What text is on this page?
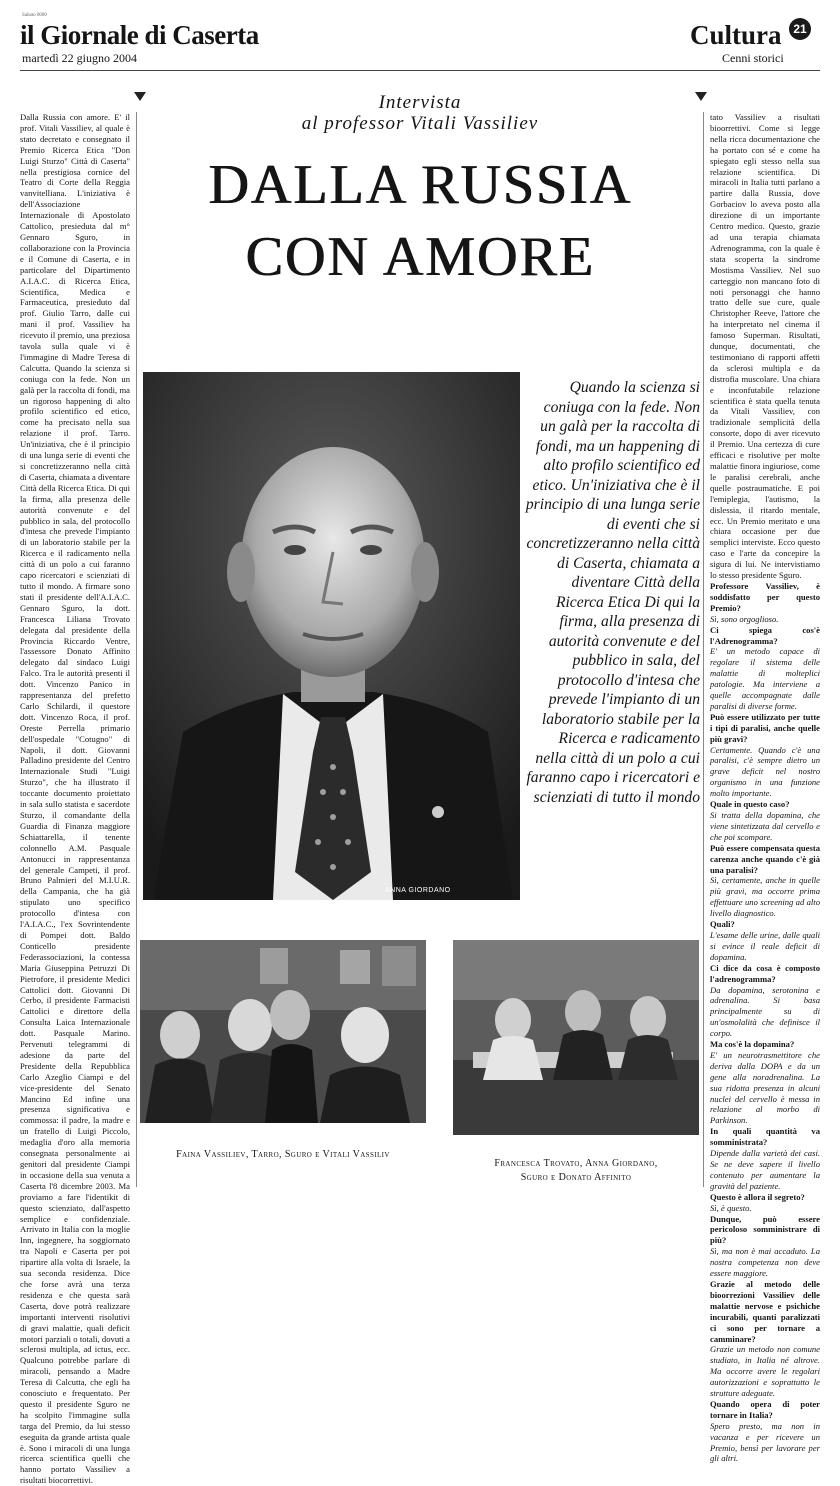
Sabato 0000
il Giornale di Caserta
martedì 22 giugno 2004
Cultura 21
Cenni storici
Dalla Russia con amore. E' il prof. Vitali Vassiliev, al quale è stato decretato e consegnato il Premio Ricerca Etica "Don Luigi Sturzo" Città di Caserta" nella prestigiosa cornice del Teatro di Corte della Reggia vanvitelliana. L'iniziativa è dell'Associazione Internazionale di Apostolato Cattolico, presieduta dal m° Gennaro Sguro, in collaborazione con la Provincia e il Comune di Caserta, e in particolare del Dipartimento A.I.A.C. di Ricerca Etica, Scientifica, Medica e Farmaceutica, presieduto dal prof. Giulio Tarro, dalle cui mani il prof. Vassiliev ha ricevuto il premio, una preziosa tavola sulla quale vi è l'immagine di Madre Teresa di Calcutta. Quando la scienza si coniuga con la fede. Non un galà per la raccolta di fondi, ma un rigoroso happening di alto profilo scientifico ed etico, come ha precisato nella sua relazione il prof. Tarro. Un'iniziativa, che è il principio di una lunga serie di eventi che si concretizzeranno nella città di Caserta, chiamata a diventare Città della Ricerca Etica. Di qui la firma, alla presenza delle autorità convenute e del pubblico in sala, del protocollo d'intesa che prevede l'impianto di un laboratorio stabile per la Ricerca e il radicamento nella città di un polo a cui faranno capo ricercatori e scienziati di tutto il mondo. A firmare sono stati il presidente dell'A.I.A.C. Gennaro Sguro, la dott. Francesca Liliana Trovato delegata dal presidente della Provincia Riccardo Ventre, l'assessore Donato Affinito delegato dal sindaco Luigi Falco. Tra le autorità presenti il dott. Vincenzo Panico in rappresentanza del prefetto Carlo Schilardi, il questore dott. Vincenzo Roca, il prof. Oreste Perrella primario dell'ospedale "Cotugno" di Napoli, il dott. Giovanni Palladino presidente del Centro Internazionale Studi "Luigi Sturzo", che ha illustrato il toccante documento proiettato in sala sullo statista e sacerdote Sturzo, il comandante della Guardia di Finanza maggiore Schiattarella, il tenente colonnello A.M. Pasquale Antonucci in rappresentanza del generale Campeti, il prof. Bruno Palmieri del M.I.U.R. della Campania, che ha già stipulato uno specifico protocollo d'intesa con l'A.I.A.C., l'ex Sovrintendente di Pompei dott. Baldo Conticello presidente Federassociazioni, la contessa Maria Giuseppina Petruzzi Di Pietrofore, il presidente Medici Cattolici dott. Giovanni Di Cerbo, il presidente Farmacisti Cattolici e direttore della Consulta Laica Internazionale dott. Pasquale Marino. Pervenuti telegrammi di adesione da parte del Presidente della Repubblica Carlo Azeglio Ciampi e del vice-presidente del Senato Mancino Ed infine una presenza significativa e commossa: il padre, la madre e un fratello di Luigi Piccolo, medaglia d'oro alla memoria consegnata personalmente ai genitori dal presidente Ciampi in occasione della sua venuta a Caserta l'8 dicembre 2003. Ma proviamo a fare l'identikit di questo scienziato, dall'aspetto semplice e confidenziale. Arrivato in Italia con la moglie Inn, ingegnere, ha soggiornato tra Napoli e Caserta per poi ripartire alla volta di Israele, la sua seconda residenza. Dice che forse avrà una terza residenza e che questa sarà Caserta, dove potrà realizzare importanti interventi risolutivi di gravi malattie, quali deficit motori parziali o totali, dovuti a sclerosi multipla, ad ictus, ecc. Qualcuno potrebbe parlare di miracoli, pensando a Madre Teresa di Calcutta, che egli ha conosciuto e frequentato. Per questo il presidente Sguro ne ha scolpito l'immagine sulla targa del Premio, da lui stesso eseguita da grande artista quale è. Sono i miracoli di una lunga ricerca scientifica quelli che hanno portato Vassiliev a risultati biocorrettivi.
Intervista
al professor Vitali Vassiliev
DALLA RUSSIA
CON AMORE
ANNA GIORDANO
Quando la scienza si coniuga con la fede. Non un galà per la raccolta di fondi, ma un happening di alto profilo scientifico ed etico. Un'iniziativa che è il principio di una lunga serie di eventi che si concretizzeranno nella città di Caserta, chiamata a diventare Città della Ricerca Etica Di qui la firma, alla presenza di autorità convenute e del pubblico in sala, del protocollo d'intesa che prevede l'impianto di un laboratorio stabile per la Ricerca e radicamento nella città di un polo a cui faranno capo i ricercatori e scienziati di tutto il mondo
tato Vassiliev a risultati bioorrettivi. Come si legge nella ricca documentazione che ha portato con sé e come ha spiegato egli stesso nella sua relazione scientifica. Di miracoli in Italia tutti parlano a partire dalla Russia, dove Gorbaciov lo aveva posto alla direzione di un importante Centro medico. Questo, grazie ad una terapia chiamata Adrenogramma, con la quale è stata scoperta la sindrome Mostisma Vassiliev. Nel suo carteggio non mancano foto di noti personaggi che hanno tratto delle sue cure, quale Christopher Reeve, l'attore che ha interpretato nel cinema il famoso Superman. Risultati, dunque, documentati, che testimoniano di rapporti affetti da sclerosi multipla e da distrofia muscolare. Una chiara e inconfutabile relazione scientifica è stata quella tenuta da Vitali Vassiliev, con tradizionale semplicità della consorte, dopo di aver ricevuto il Premio. Una certezza di cure efficaci e risolutive per molte malattie finora ingiuriose, come le paralisi cerebrali, anche quelle postraumatiche. E poi l'emiplegia, l'autismo, la dislessia, il ritardo mentale, ecc. Un Premio meritato e una chiara occasione per due semplici interviste. Ecco questo caso e l'arte da concepire la sigura di lui. Ne intervistiamo lo stesso presidente Sguro.
Professore Vassiliev, è soddisfatto per questo Premio?
Sì, sono orgoglioso.
Ci spiega cos'è l'Adrenogramma?
E' un metodo capace di regolare il sistema delle malattie di molteplici patologie. Ma interviene a quelle accompagnate dalle paralisi di diverse forme.
Può essere utilizzato per tutte i tipi di paralisi, anche quelle più gravi?
Certamente. Quando c'è una paralisi, c'è sempre dietro un grave deficit nel nostro organismo in una funzione molto importante.
Quale in questo caso?
Si tratta della dopamina, che viene sintetizzata dal cervello e che poi scompare.
Può essere compensata questa carenza anche quando c'è già una paralisi?
Sì, certamente, anche in quelle più gravi, ma occorre prima effettuare uno screening ad alto livello diagnostico.
Quali?
L'esame delle urine, dalle quali si evince il reale deficit di dopamina.
Ci dice da cosa è composto l'adrenogramma?
Da dopamina, serotonina e adrenalina. Si basa principalmente su di un'osmolalità che definisce il corpo.
Ma cos'è la dopamina?
E' un neurotrasmettitore che deriva dalla DOPA e da un gene alla noradrenalina. La sua ridotta presenza in alcuni nuclei del cervello è messa in relazione al morbo di Parkinson.
In quali quantità va somministrata?
Dipende dalla varietà dei casi. Se ne deve sapere il livello contenuto per aumentare la gravità del paziente.
Questo è allora il segreto?
Sì, è questo.
Dunque, può essere pericoloso somministrare di più?
Sì, ma non è mai accaduto. La nostra competenza non deve essere maggiore.
Grazie al metodo delle bioorrezioni Vassiliev delle malattie nervose e psichiche incurabili, quanti paralizzati ci sono per tornare a camminare?
Grazie un metodo non comune studiato, in Italia né altrove. Ma occorre avere le regolari autorizzazioni e soprattutto le strutture adeguate.
Quando opera di poter tornare in Italia?
Spero presto, ma non in vacanza e per ricevere un Premio, bensì per lavorare per gli altri.
Faina Vassiliev, Tarro, Sguro e Vitali Vassiliv
Francesca Trovato, Anna Giordano,
Sguro e Donato Affinito
